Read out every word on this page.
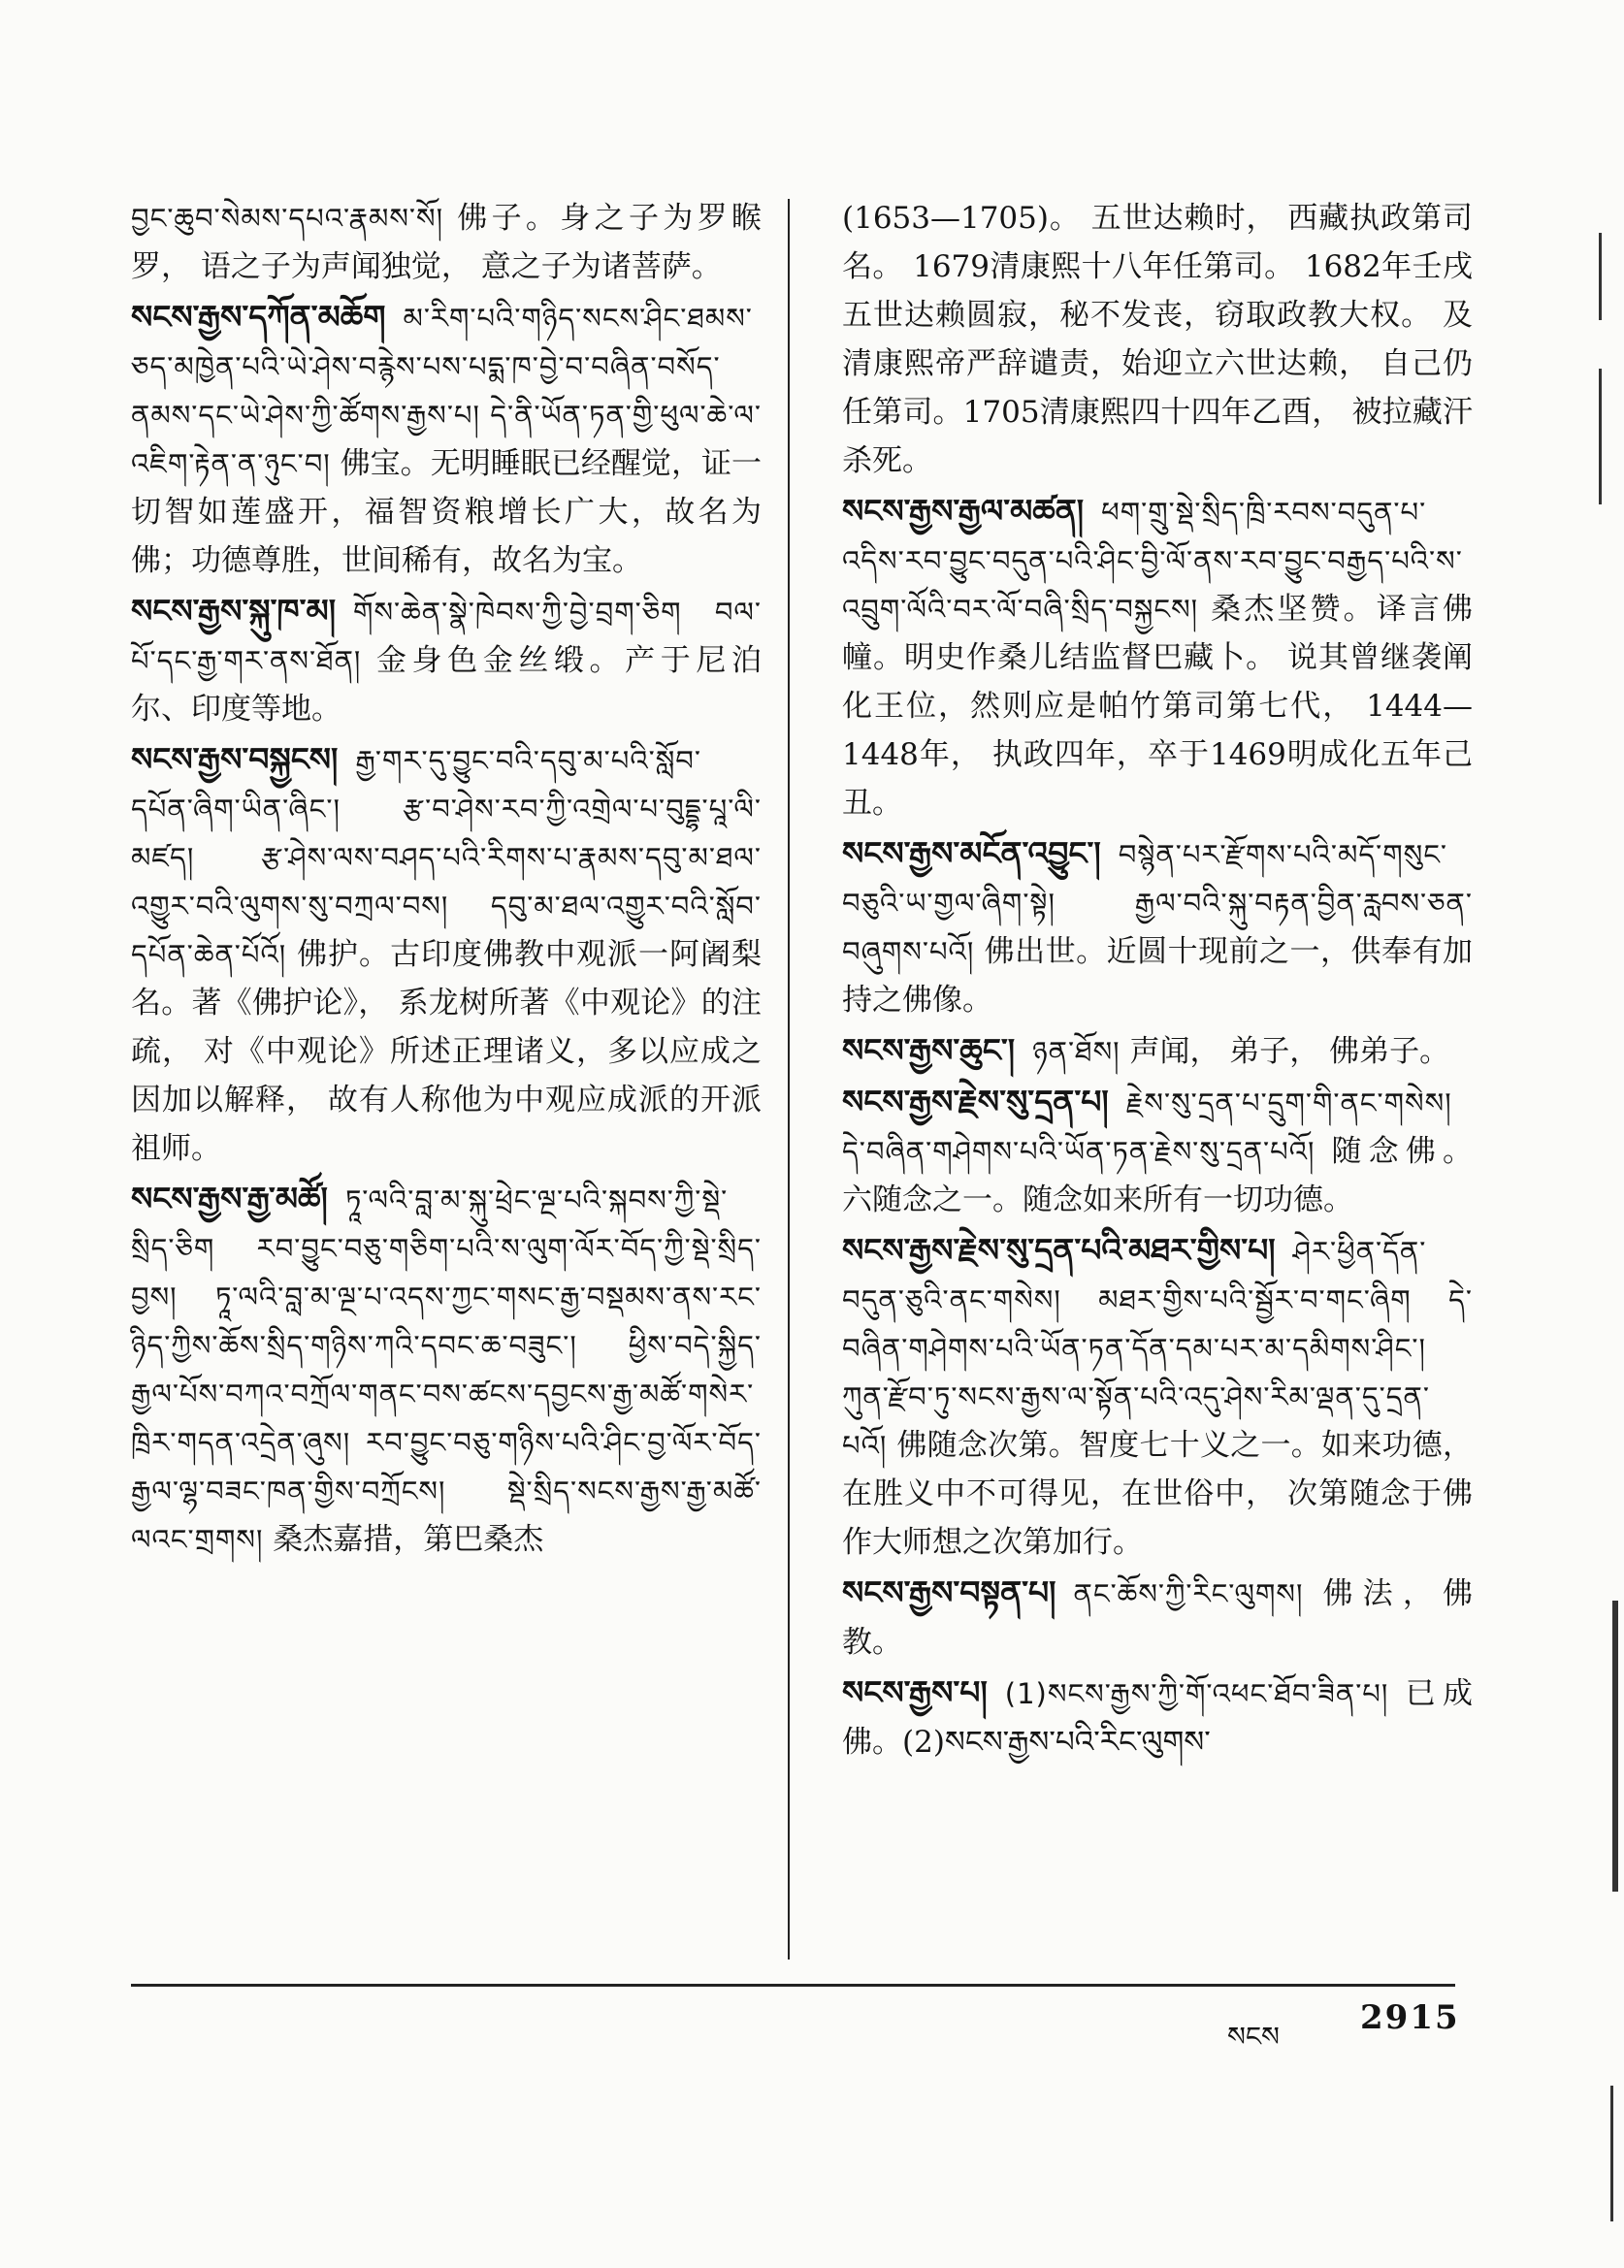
བྱང་ཆུབ་སེམས་དཔའ་རྣམས་སོ། 佛子。身之子为罗睺罗， 语之子为声闻独觉， 意之子为诸菩萨。
སངས་རྒྱས་དཀོན་མཆོག མ་རིག་པའི་གཉིད་སངས་ཤིང་ཐམས་ཅད་མཁྱེན་པའི་ཡེ་ཤེས་བརྙེས་པས་པདྨ་ཁ་བྱེ་བ་བཞིན་བསོད་ནམས་དང་ཡེ་ཤེས་ཀྱི་ཚོགས་རྒྱས་པ། དེ་ནི་ཡོན་ཏན་གྱི་ཕུལ་ཆེ་ལ་འཇིག་རྟེན་ན་ཉུང་བ། 佛宝。无明睡眠已经醒觉，证一切智如莲盛开，福智资粮增长广大，故名为佛；功德尊胜，世间稀有，故名为宝。
སངས་རྒྱས་སྐུ་ཁ་མ། གོས་ཆེན་སྣེ་ཁེབས་ཀྱི་བྱེ་བྲག་ཅིག བལ་པོ་དང་རྒྱ་གར་ནས་ཐོན། 金身色金丝缎。产于尼泊尔、印度等地。
སངས་རྒྱས་བསྐྱངས། རྒྱ་གར་དུ་བྱུང་བའི་དབུ་མ་པའི་སློབ་དཔོན་ཞིག་ཡིན་ཞིང་། རྩ་བ་ཤེས་རབ་ཀྱི་འགྲེལ་པ་བུདྡྷ་པཱ་ལི་མཛད། རྩ་ཤེས་ལས་བཤད་པའི་རིགས་པ་རྣམས་དབུ་མ་ཐལ་འགྱུར་བའི་ལུགས་སུ་བཀྲལ་བས། དབུ་མ་ཐལ་འགྱུར་བའི་སློབ་དཔོན་ཆེན་པོའོ། 佛护。古印度佛教中观派一阿阇梨名。著《佛护论》， 系龙树所著《中观论》的注疏， 对《中观论》所述正理诸义，多以应成之因加以解释， 故有人称他为中观应成派的开派祖师。
སངས་རྒྱས་རྒྱ་མཚོ། ཏཱ་ལའི་བླ་མ་སྐུ་ཕྲེང་ལྔ་པའི་སྐབས་ཀྱི་སྡེ་སྲིད་ཅིག རབ་བྱུང་བཅུ་གཅིག་པའི་ས་ལུག་ལོར་བོད་ཀྱི་སྡེ་སྲིད་བྱས། ཏཱ་ལའི་བླ་མ་ལྔ་པ་འདས་ཀྱང་གསང་རྒྱ་བསྡམས་ནས་རང་ཉིད་ཀྱིས་ཆོས་སྲིད་གཉིས་ཀའི་དབང་ཆ་བཟུང་། ཕྱིས་བདེ་སྐྱིད་རྒྱལ་པོས་བཀའ་བཀྲོལ་གནང་བས་ཚངས་དབྱངས་རྒྱ་མཚོ་གསེར་ཁྲིར་གདན་འདྲེན་ཞུས། རབ་བྱུང་བཅུ་གཉིས་པའི་ཤིང་བྱ་ལོར་བོད་རྒྱལ་ལྷ་བཟང་ཁན་གྱིས་བཀྲོངས། སྡེ་སྲིད་སངས་རྒྱས་རྒྱ་མཚོ་ལའང་གྲགས། 桑杰嘉措，第巴桑杰
(1653—1705)。 五世达赖时， 西藏执政第司名。 1679清康熙十八年任第司。 1682年壬戌五世达赖圆寂，秘不发丧，窃取政教大权。 及清康熙帝严辞谴责，始迎立六世达赖， 自己仍任第司。1705清康熙四十四年乙酉， 被拉藏汗杀死。
སངས་རྒྱས་རྒྱལ་མཚན། ཕག་གྲུ་སྡེ་སྲིད་ཁྲི་རབས་བདུན་པ་འདིས་རབ་བྱུང་བདུན་པའི་ཤིང་བྱི་ལོ་ནས་རབ་བྱུང་བརྒྱད་པའི་ས་འབྲུག་ལོའི་བར་ལོ་བཞི་སྲིད་བསྐྱངས། 桑杰坚赞。译言佛幢。明史作桑儿结监督巴藏卜。 说其曾继袭阐化王位，然则应是帕竹第司第七代， 1444—1448年， 执政四年，卒于1469明成化五年己丑。
སངས་རྒྱས་མངོན་འབྱུང་། བསྙེན་པར་རྫོགས་པའི་མདོ་གསུང་བཅུའི་ཡ་གྱལ་ཞིག་སྟེ། རྒྱལ་བའི་སྐུ་བརྟན་བྱིན་རླབས་ཅན་བཞུགས་པའོ། 佛出世。近圆十现前之一，供奉有加持之佛像。
སངས་རྒྱས་ཆུང་། ཉན་ཐོས། 声闻， 弟子， 佛弟子。
སངས་རྒྱས་རྗེས་སུ་དྲན་པ། རྗེས་སུ་དྲན་པ་དྲུག་གི་ནང་གསེས། དེ་བཞིན་གཤེགས་པའི་ཡོན་ཏན་རྗེས་སུ་དྲན་པའོ། 随念佛。六随念之一。随念如来所有一切功德。
སངས་རྒྱས་རྗེས་སུ་དྲན་པའི་མཐར་གྱིས་པ། ཤེར་ཕྱིན་དོན་བདུན་ཅུའི་ནང་གསེས། མཐར་གྱིས་པའི་སྦྱོར་བ་གང་ཞིག དེ་བཞིན་གཤེགས་པའི་ཡོན་ཏན་དོན་དམ་པར་མ་དམིགས་ཤིང་། ཀུན་རྫོབ་ཏུ་སངས་རྒྱས་ལ་སྟོན་པའི་འདུ་ཤེས་རིམ་ལྡན་དུ་དྲན་པའོ། 佛随念次第。智度七十义之一。如来功德，在胜义中不可得见，在世俗中， 次第随念于佛作大师想之次第加行。
སངས་རྒྱས་བསྟན་པ། ནང་ཆོས་ཀྱི་རིང་ལུགས། 佛法，佛教。
སངས་རྒྱས་པ། (1)སངས་རྒྱས་ཀྱི་གོ་འཕང་ཐོབ་ཟིན་པ། 已成佛。(2)སངས་རྒྱས་པའི་རིང་ལུགས་
སངས 2915
